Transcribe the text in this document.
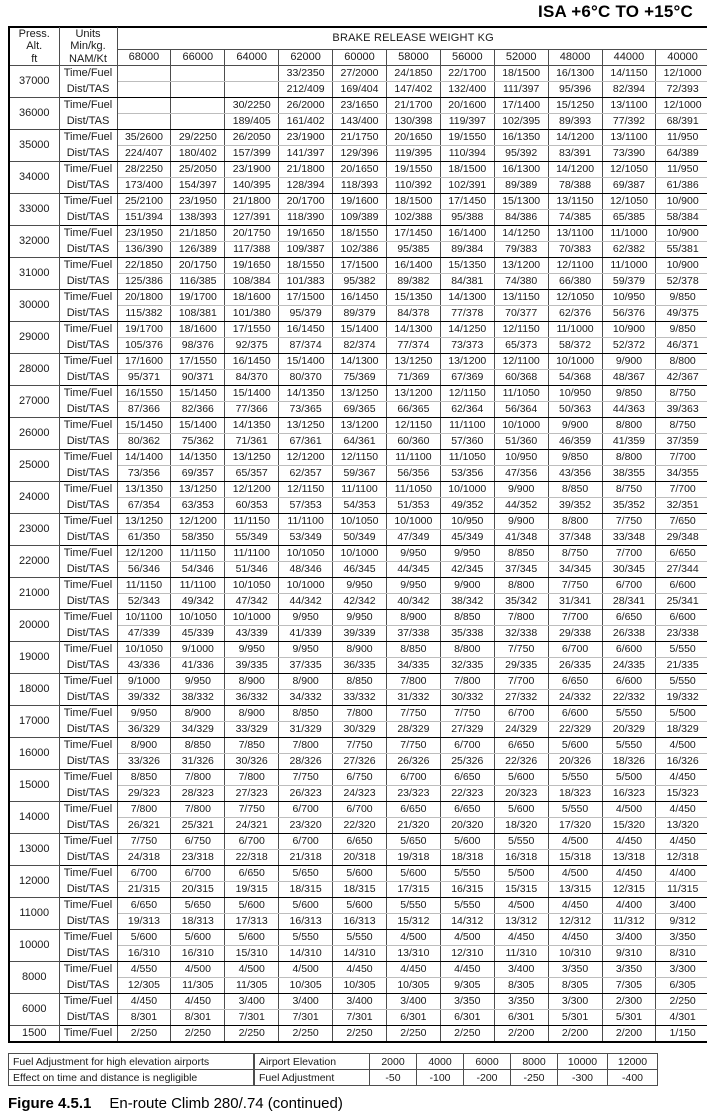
ISA +6°C TO +15°C
Press.
Alt.
ft

Units
Min/kg.
NAM/Kt
	BRAKE RELEASE WEIGHT KG

		68000	66000	64000	62000	60000	58000	56000	52000	48000	44000	40000
37000	Time/Fuel				33/2350	27/2000	24/1850	22/1700	18/1500	16/1300	14/1150	12/1000
	Dist/TAS				212/409	169/404	147/402	132/400	111/397	95/396	82/394	72/393
36000	Time/Fuel			30/2250	26/2000	23/1650	21/1700	20/1600	17/1400	15/1250	13/1100	12/1000
	Dist/TAS			189/405	161/402	143/400	130/398	119/397	102/395	89/393	77/392	68/391
35000	Time/Fuel	35/2600	29/2250	26/2050	23/1900	21/1750	20/1650	19/1550	16/1350	14/1200	13/1100	11/950
	Dist/TAS	224/407	180/402	157/399	141/397	129/396	119/395	110/394	95/392	83/391	73/390	64/389
34000	Time/Fuel	28/2250	25/2050	23/1900	21/1800	20/1650	19/1550	18/1500	16/1300	14/1200	12/1050	11/950
	Dist/TAS	173/400	154/397	140/395	128/394	118/393	110/392	102/391	89/389	78/388	69/387	61/386
33000	Time/Fuel	25/2100	23/1950	21/1800	20/1700	19/1600	18/1500	17/1450	15/1300	13/1150	12/1050	10/900
	Dist/TAS	151/394	138/393	127/391	118/390	109/389	102/388	95/388	84/386	74/385	65/385	58/384
32000	Time/Fuel	23/1950	21/1850	20/1750	19/1650	18/1550	17/1450	16/1400	14/1250	13/1100	11/1000	10/900
	Dist/TAS	136/390	126/389	117/388	109/387	102/386	95/385	89/384	79/383	70/383	62/382	55/381
31000	Time/Fuel	22/1850	20/1750	19/1650	18/1550	17/1500	16/1400	15/1350	13/1200	12/1100	11/1000	10/900
	Dist/TAS	125/386	116/385	108/384	101/383	95/382	89/382	84/381	74/380	66/380	59/379	52/378
30000	Time/Fuel	20/1800	19/1700	18/1600	17/1500	16/1450	15/1350	14/1300	13/1150	12/1050	10/950	9/850
	Dist/TAS	115/382	108/381	101/380	95/379	89/379	84/378	77/378	70/377	62/376	56/376	49/375
29000	Time/Fuel	19/1700	18/1600	17/1550	16/1450	15/1400	14/1300	14/1250	12/1150	11/1000	10/900	9/850
	Dist/TAS	105/376	98/376	92/375	87/374	82/374	77/374	73/373	65/373	58/372	52/372	46/371
28000	Time/Fuel	17/1600	17/1550	16/1450	15/1400	14/1300	13/1250	13/1200	12/1100	10/1000	9/900	8/800
	Dist/TAS	95/371	90/371	84/370	80/370	75/369	71/369	67/369	60/368	54/368	48/367	42/367
27000	Time/Fuel	16/1550	15/1450	15/1400	14/1350	13/1250	13/1200	12/1150	11/1050	10/950	9/850	8/750
	Dist/TAS	87/366	82/366	77/366	73/365	69/365	66/365	62/364	56/364	50/363	44/363	39/363
26000	Time/Fuel	15/1450	15/1400	14/1350	13/1250	13/1200	12/1150	11/1100	10/1000	9/900	8/800	8/750
	Dist/TAS	80/362	75/362	71/361	67/361	64/361	60/360	57/360	51/360	46/359	41/359	37/359
25000	Time/Fuel	14/1400	14/1350	13/1250	12/1200	12/1150	11/1100	11/1050	10/950	9/850	8/800	7/700
	Dist/TAS	73/356	69/357	65/357	62/357	59/367	56/356	53/356	47/356	43/356	38/355	34/355
24000	Time/Fuel	13/1350	13/1250	12/1200	12/1150	11/1100	11/1050	10/1000	9/900	8/850	8/750	7/700
	Dist/TAS	67/354	63/353	60/353	57/353	54/353	51/353	49/352	44/352	39/352	35/352	32/351
23000	Time/Fuel	13/1250	12/1200	11/1150	11/1100	10/1050	10/1000	10/950	9/900	8/800	7/750	7/650
	Dist/TAS	61/350	58/350	55/349	53/349	50/349	47/349	45/349	41/348	37/348	33/348	29/348
22000	Time/Fuel	12/1200	11/1150	11/1100	10/1050	10/1000	9/950	9/950	8/850	8/750	7/700	6/650
	Dist/TAS	56/346	54/346	51/346	48/346	46/345	44/345	42/345	37/345	34/345	30/345	27/344
21000	Time/Fuel	11/1150	11/1100	10/1050	10/1000	9/950	9/950	9/900	8/800	7/750	6/700	6/600
	Dist/TAS	52/343	49/342	47/342	44/342	42/342	40/342	38/342	35/342	31/341	28/341	25/341
20000	Time/Fuel	10/1100	10/1050	10/1000	9/950	9/950	8/900	8/850	7/800	7/700	6/650	6/600
	Dist/TAS	47/339	45/339	43/339	41/339	39/339	37/338	35/338	32/338	29/338	26/338	23/338
19000	Time/Fuel	10/1050	9/1000	9/950	9/950	8/900	8/850	8/800	7/750	6/700	6/600	5/550
	Dist/TAS	43/336	41/336	39/335	37/335	36/335	34/335	32/335	29/335	26/335	24/335	21/335
18000	Time/Fuel	9/1000	9/950	8/900	8/900	8/850	7/800	7/800	7/700	6/650	6/600	5/550
	Dist/TAS	39/332	38/332	36/332	34/332	33/332	31/332	30/332	27/332	24/332	22/332	19/332
17000	Time/Fuel	9/950	8/900	8/900	8/850	7/800	7/750	7/750	6/700	6/600	5/550	5/500
	Dist/TAS	36/329	34/329	33/329	31/329	30/329	28/329	27/329	24/329	22/329	20/329	18/329
16000	Time/Fuel	8/900	8/850	7/850	7/800	7/750	7/750	6/700	6/650	5/600	5/550	4/500
	Dist/TAS	33/326	31/326	30/326	28/326	27/326	26/326	25/326	22/326	20/326	18/326	16/326
15000	Time/Fuel	8/850	7/800	7/800	7/750	6/750	6/700	6/650	5/600	5/550	5/500	4/450
	Dist/TAS	29/323	28/323	27/323	26/323	24/323	23/323	22/323	20/323	18/323	16/323	15/323
14000	Time/Fuel	7/800	7/800	7/750	6/700	6/700	6/650	6/650	5/600	5/550	4/500	4/450
	Dist/TAS	26/321	25/321	24/321	23/320	22/320	21/320	20/320	18/320	17/320	15/320	13/320
13000	Time/Fuel	7/750	6/750	6/700	6/700	6/650	5/650	5/600	5/550	4/500	4/450	4/450
	Dist/TAS	24/318	23/318	22/318	21/318	20/318	19/318	18/318	16/318	15/318	13/318	12/318
12000	Time/Fuel	6/700	6/700	6/650	5/650	5/600	5/600	5/550	5/500	4/500	4/450	4/400
	Dist/TAS	21/315	20/315	19/315	18/315	18/315	17/315	16/315	15/315	13/315	12/315	11/315
11000	Time/Fuel	6/650	5/650	5/600	5/600	5/600	5/550	5/550	4/500	4/450	4/400	3/400
	Dist/TAS	19/313	18/313	17/313	16/313	16/313	15/312	14/312	13/312	12/312	11/312	9/312
10000	Time/Fuel	5/600	5/600	5/600	5/550	5/550	4/500	4/500	4/450	4/450	3/400	3/350
	Dist/TAS	16/310	16/310	15/310	14/310	14/310	13/310	12/310	11/310	10/310	9/310	8/310
8000	Time/Fuel	4/550	4/500	4/500	4/500	4/450	4/450	4/450	3/400	3/350	3/350	3/300
	Dist/TAS	12/305	11/305	11/305	10/305	10/305	10/305	9/305	8/305	8/305	7/305	6/305
6000	Time/Fuel	4/450	4/450	3/400	3/400	3/400	3/400	3/350	3/350	3/300	2/300	2/250
	Dist/TAS	8/301	8/301	7/301	7/301	7/301	6/301	6/301	6/301	5/301	5/301	4/301
1500	Time/Fuel	2/250	2/250	2/250	2/250	2/250	2/250	2/250	2/200	2/200	2/200	1/150
Fuel Adjustment for high elevation airports
Effect on time and distance is negligible
Airport Elevation	2000	4000	6000	8000	10000	12000
Fuel Adjustment	-50	-100	-200	-250	-300	-400
Figure 4.5.1 En-route Climb 280/.74 (continued)
